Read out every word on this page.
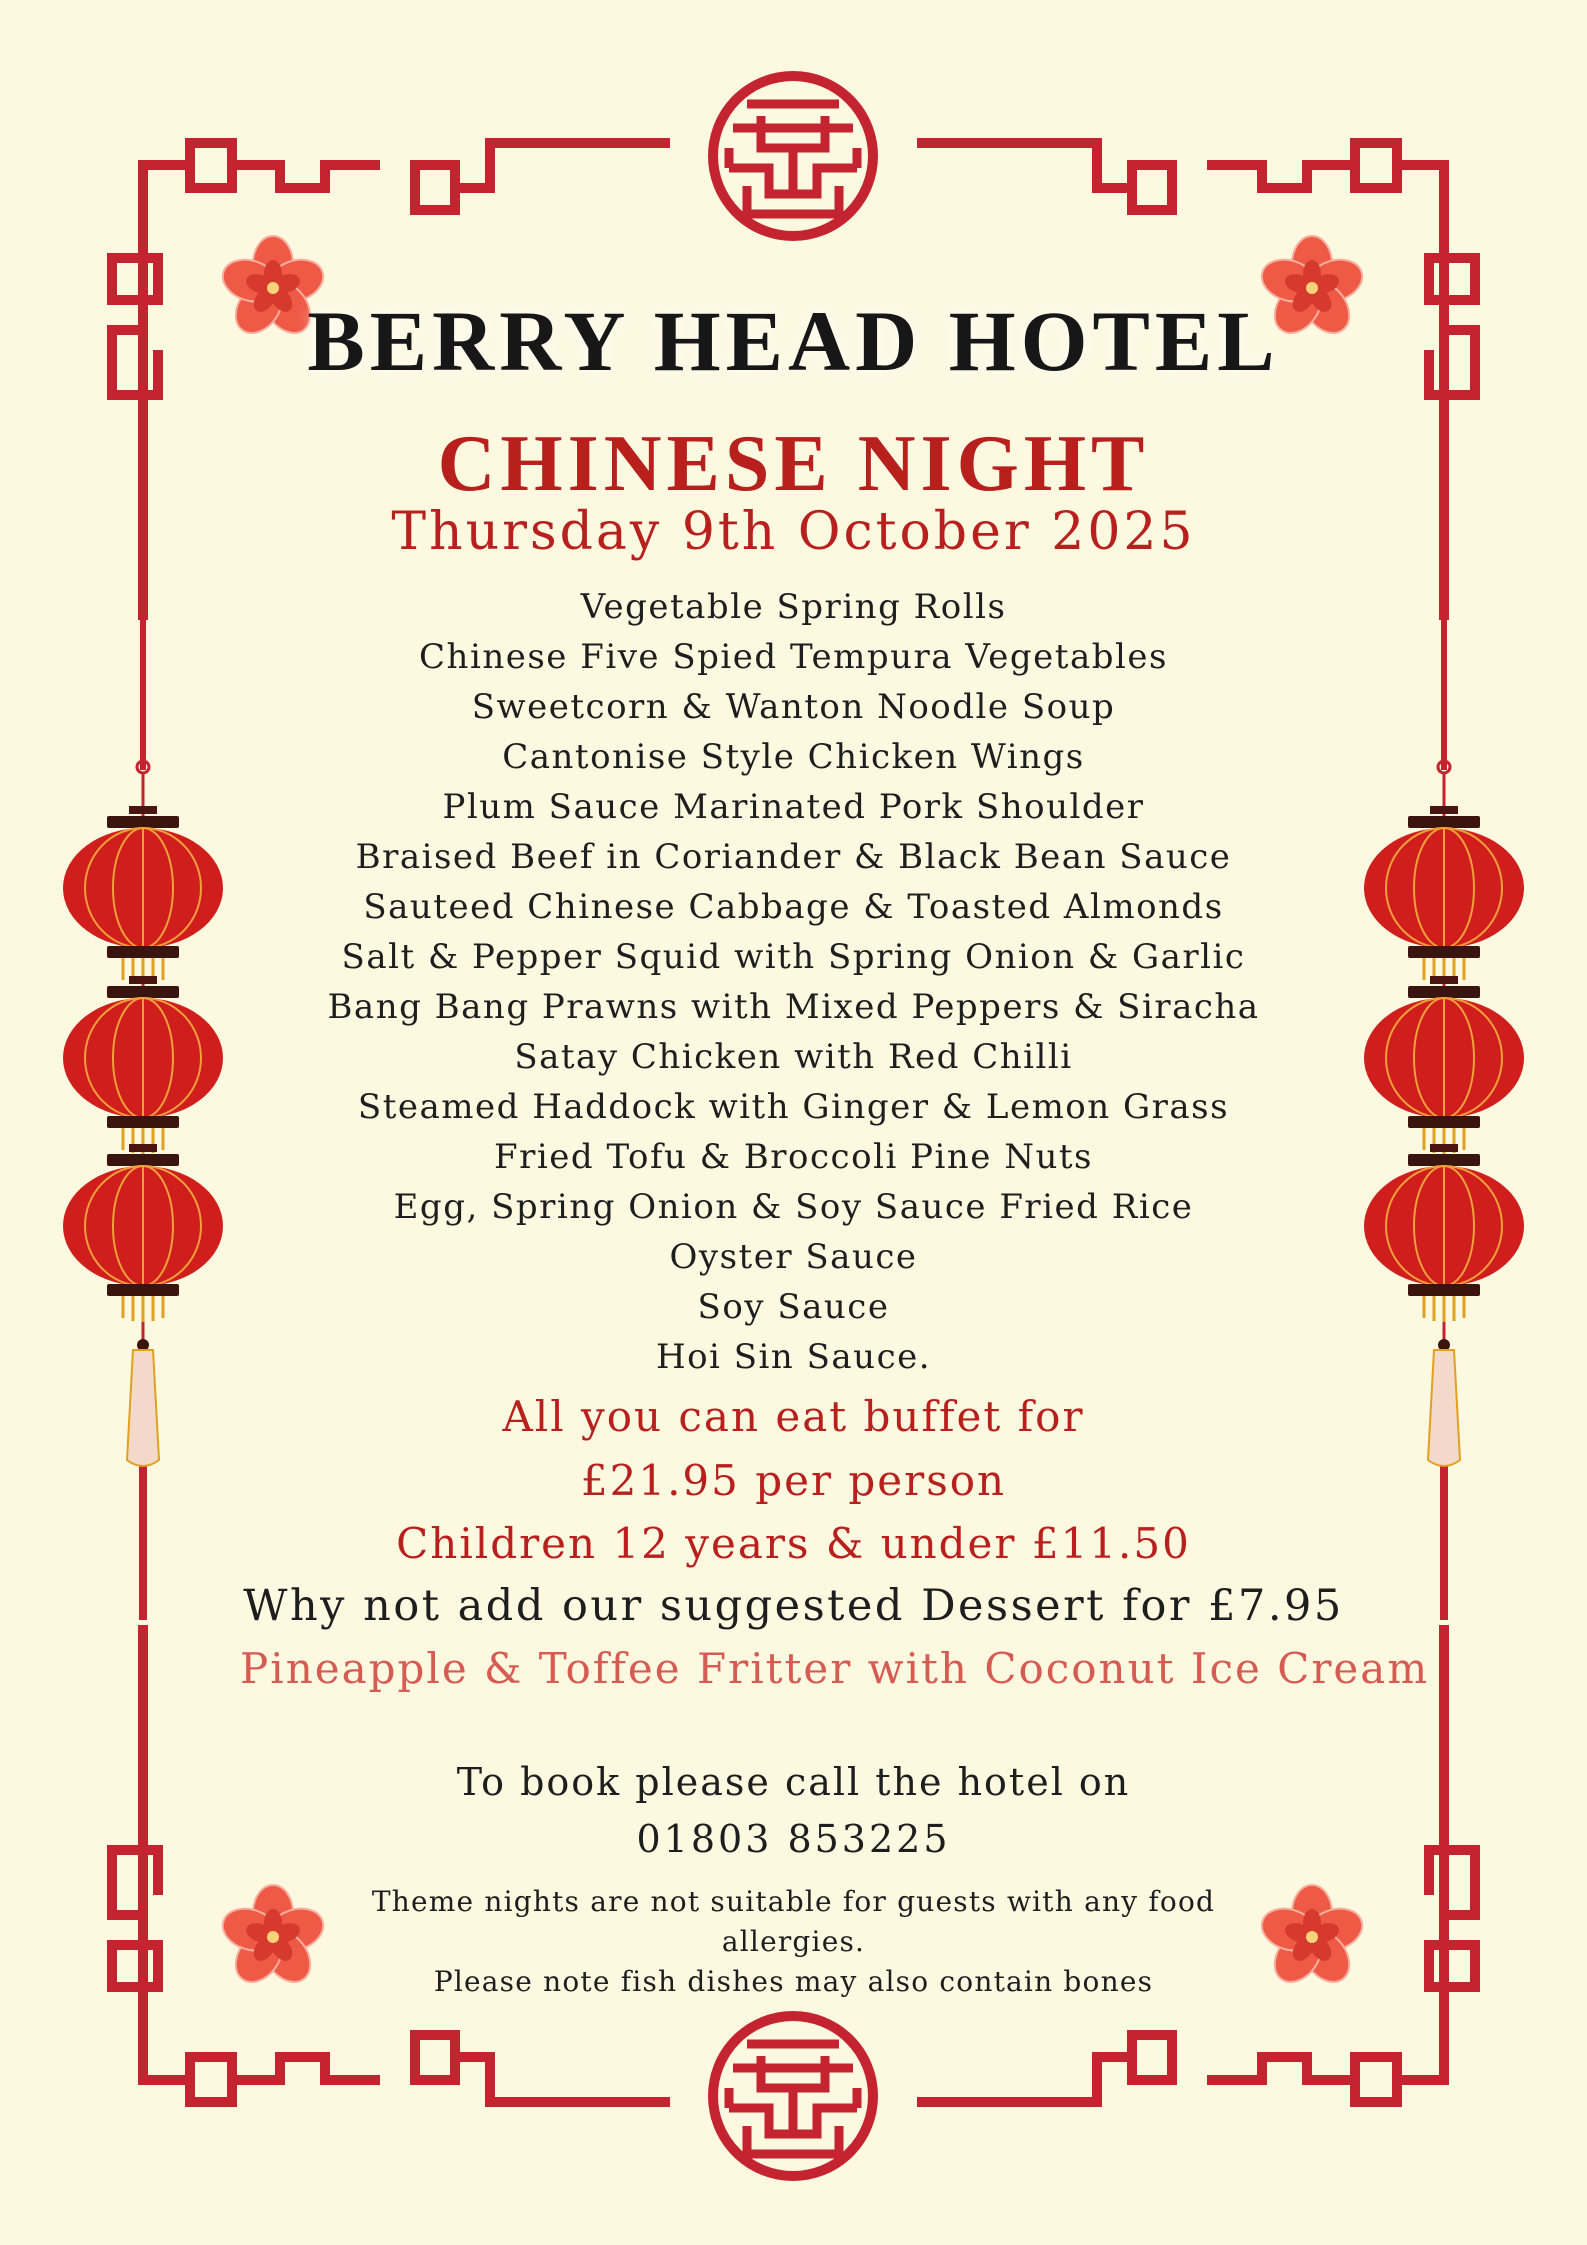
BERRY HEAD HOTEL
CHINESE NIGHT
Thursday 9th October 2025
Vegetable Spring Rolls
Chinese Five Spied Tempura Vegetables
Sweetcorn & Wanton Noodle Soup
Cantonise Style Chicken Wings
Plum Sauce Marinated Pork Shoulder
Braised Beef in Coriander & Black Bean Sauce
Sauteed Chinese Cabbage & Toasted Almonds
Salt & Pepper Squid with Spring Onion & Garlic
Bang Bang Prawns with Mixed Peppers & Siracha
Satay Chicken with Red Chilli
Steamed Haddock with Ginger & Lemon Grass
Fried Tofu & Broccoli Pine Nuts
Egg, Spring Onion & Soy Sauce Fried Rice
Oyster Sauce
Soy Sauce
Hoi Sin Sauce.
All you can eat buffet for
£21.95 per person
Children 12 years & under £11.50
Why not add our suggested Dessert for £7.95
Pineapple & Toffee Fritter with Coconut Ice Cream
To book please call the hotel on
01803 853225

Theme nights are not suitable for guests with any food allergies.

Please note fish dishes may also contain bones
